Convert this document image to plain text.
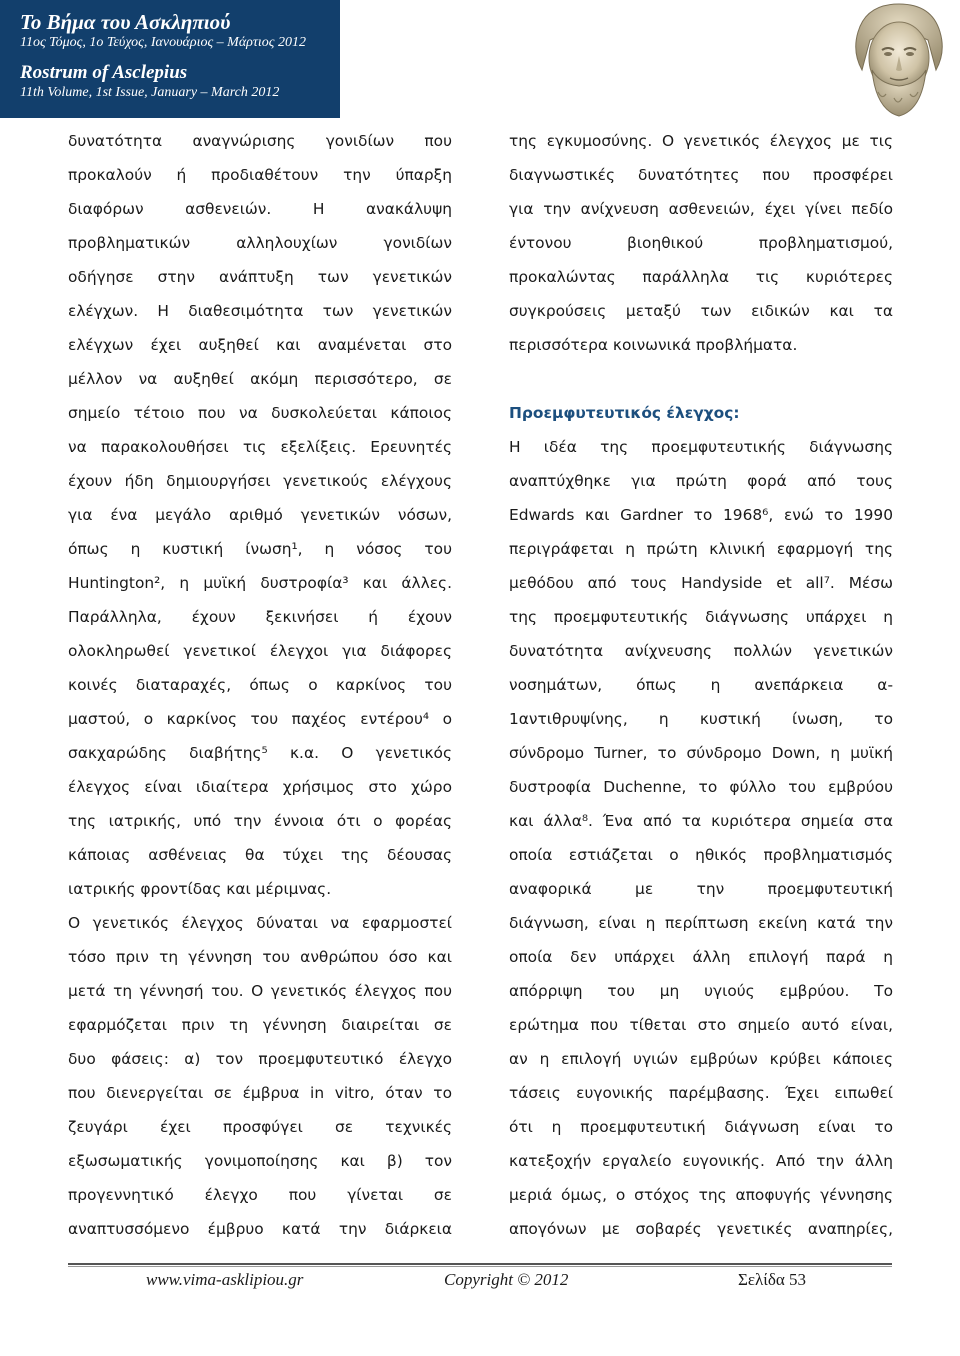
Το Βήμα του Ασκληπιού
11ος Τόμος, 1ο Τεύχος, Ιανουάριος – Μάρτιος 2012
Rostrum of Asclepius
11th Volume, 1st Issue, January – March 2012

δυνατότητα αναγνώρισης γονιδίων που

προκαλούν ή προδιαθέτουν την ύπαρξη

διαφόρων ασθενειών. Η ανακάλυψη

προβληματικών αλληλουχίων γονιδίων

οδήγησε στην ανάπτυξη των γενετικών

ελέγχων. Η διαθεσιμότητα των γενετικών

ελέγχων έχει αυξηθεί και αναμένεται στο

μέλλον να αυξηθεί ακόμη περισσότερο, σε

σημείο τέτοιο που να δυσκολεύεται κάποιος

να παρακολουθήσει τις εξελίξεις. Ερευνητές

έχουν ήδη δημιουργήσει γενετικούς ελέγχους

για ένα μεγάλο αριθμό γενετικών νόσων,

όπως η κυστική ίνωση¹, η νόσος του

Huntington², η μυϊκή δυστροφία³ και άλλες.

Παράλληλα, έχουν ξεκινήσει ή έχουν

ολοκληρωθεί γενετικοί έλεγχοι για διάφορες

κοινές διαταραχές, όπως ο καρκίνος του

μαστού, ο καρκίνος του παχέος εντέρου⁴ ο

σακχαρώδης διαβήτης⁵ κ.α. Ο γενετικός

έλεγχος είναι ιδιαίτερα χρήσιμος στο χώρο

της ιατρικής, υπό την έννοια ότι ο φορέας

κάποιας ασθένειας θα τύχει της δέουσας

ιατρικής φροντίδας και μέριμνας.

Ο γενετικός έλεγχος δύναται να εφαρμοστεί

τόσο πριν τη γέννηση του ανθρώπου όσο και

μετά τη γέννησή του. Ο γενετικός έλεγχος που

εφαρμόζεται πριν τη γέννηση διαιρείται σε

δυο φάσεις: α) τον προεμφυτευτικό έλεγχο

που διενεργείται σε έμβρυα in vitro, όταν το

ζευγάρι έχει προσφύγει σε τεχνικές

εξωσωματικής γονιμοποίησης και β) τον

προγεννητικό έλεγχο που γίνεται σε

αναπτυσσόμενο έμβρυο κατά την διάρκεια

της εγκυμοσύνης. Ο γενετικός έλεγχος με τις

διαγνωστικές δυνατότητες που προσφέρει

για την ανίχνευση ασθενειών, έχει γίνει πεδίο

έντονου βιοηθικού προβληματισμού,

προκαλώντας παράλληλα τις κυριότερες

συγκρούσεις μεταξύ των ειδικών και τα

περισσότερα κοινωνικά προβλήματα.

Προεμφυτευτικός έλεγχος:

Η ιδέα της προεμφυτευτικής διάγνωσης

αναπτύχθηκε για πρώτη φορά από τους

Edwards και Gardner το 1968⁶, ενώ το 1990

περιγράφεται η πρώτη κλινική εφαρμογή της

μεθόδου από τους Handyside et all⁷. Μέσω

της προεμφυτευτικής διάγνωσης υπάρχει η

δυνατότητα ανίχνευσης πολλών γενετικών

νοσημάτων, όπως η ανεπάρκεια α-

1αντιθρυψίνης, η κυστική ίνωση, το

σύνδρομο Turner, το σύνδρομο Down, η μυϊκή

δυστροφία Duchenne, το φύλλο του εμβρύου

και άλλα⁸. Ένα από τα κυριότερα σημεία στα

οποία εστιάζεται ο ηθικός προβληματισμός

αναφορικά με την προεμφυτευτική

διάγνωση, είναι η περίπτωση εκείνη κατά την

οποία δεν υπάρχει άλλη επιλογή παρά η

απόρριψη του μη υγιούς εμβρύου. Το

ερώτημα που τίθεται στο σημείο αυτό είναι,

αν η επιλογή υγιών εμβρύων κρύβει κάποιες

τάσεις ευγονικής παρέμβασης. Έχει ειπωθεί

ότι η προεμφυτευτική διάγνωση είναι το

κατεξοχήν εργαλείο ευγονικής. Από την άλλη

μεριά όμως, ο στόχος της αποφυγής γέννησης

απογόνων με σοβαρές γενετικές αναπηρίες,

www.vima-asklipiou.gr	Copyright © 2012	Σελίδα 53
